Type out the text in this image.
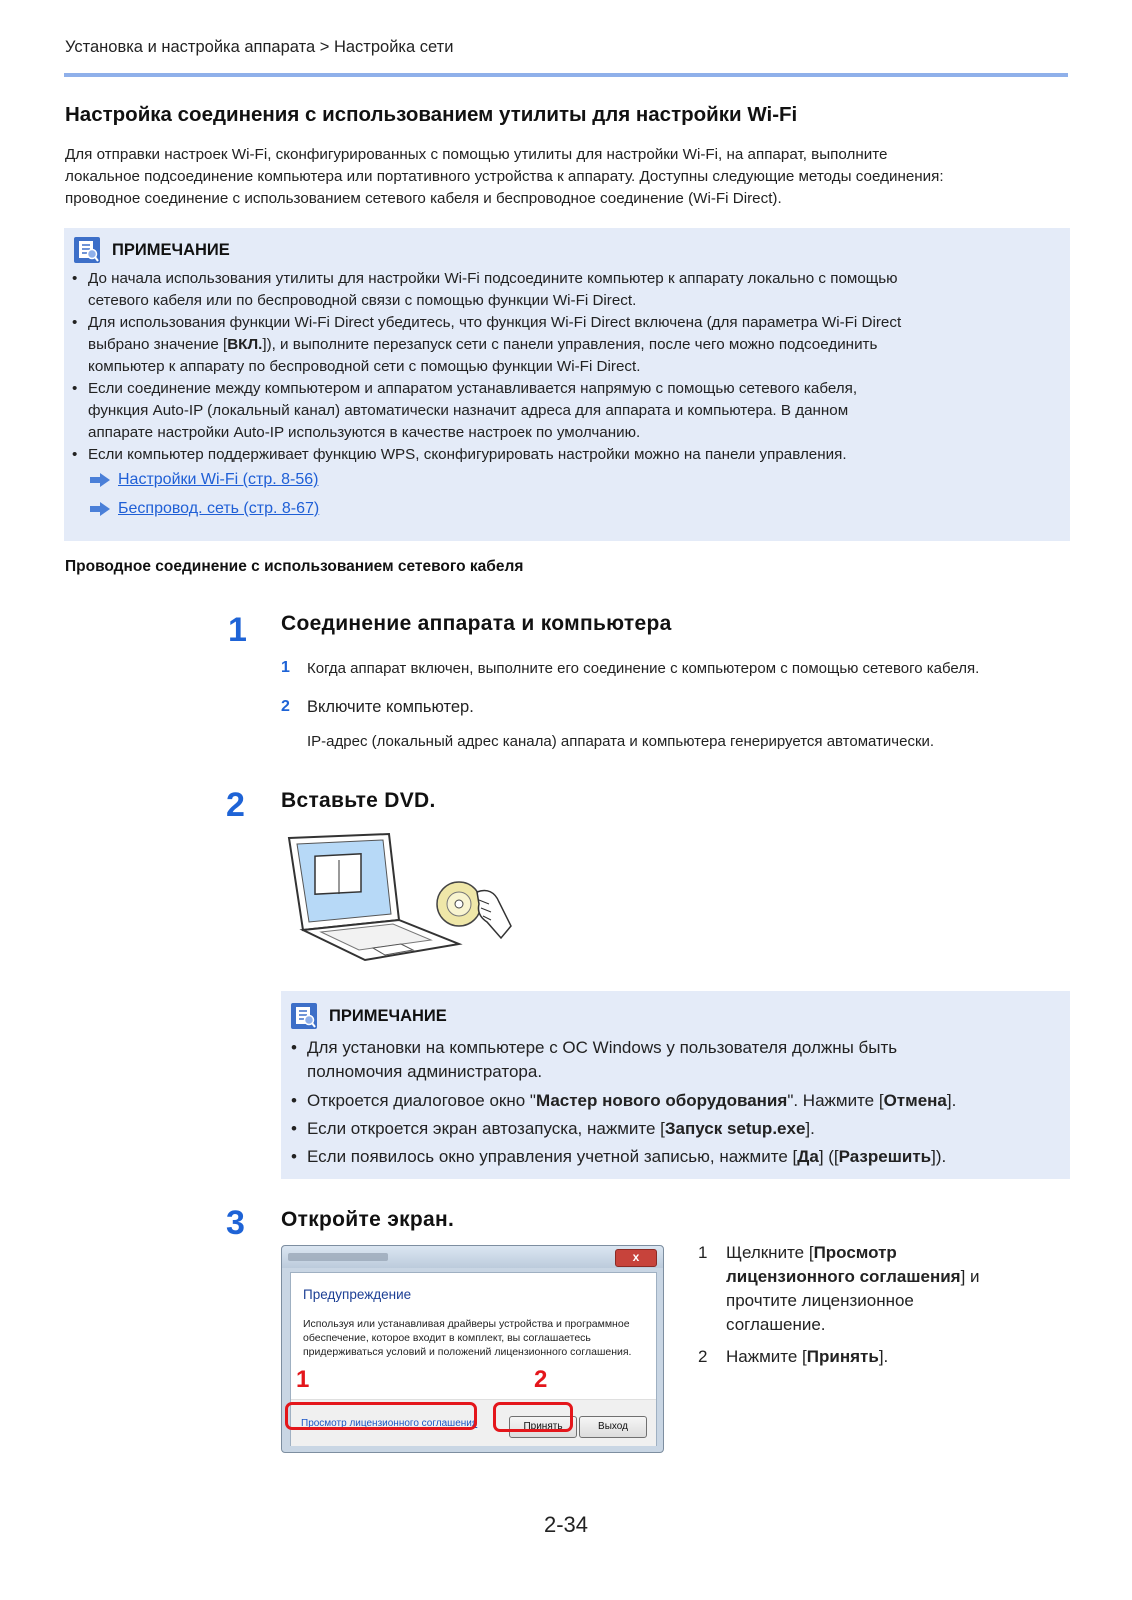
Установка и настройка аппарата > Настройка сети
Настройка соединения с использованием утилиты для настройки Wi-Fi
Для отправки настроек Wi-Fi, сконфигурированных с помощью утилиты для настройки Wi-Fi, на аппарат, выполните
локальное подсоединение компьютера или портативного устройства к аппарату. Доступны следующие методы соединения:
проводное соединение с использованием сетевого кабеля и беспроводное соединение (Wi-Fi Direct).
ПРИМЕЧАНИЕ
• До начала использования утилиты для настройки Wi-Fi подсоедините компьютер к аппарату локально с помощью
сетевого кабеля или по беспроводной связи с помощью функции Wi-Fi Direct.
• Для использования функции Wi-Fi Direct убедитесь, что функция Wi-Fi Direct включена (для параметра Wi-Fi Direct
выбрано значение [ВКЛ.]), и выполните перезапуск сети с панели управления, после чего можно подсоединить
компьютер к аппарату по беспроводной сети с помощью функции Wi-Fi Direct.
• Если соединение между компьютером и аппаратом устанавливается напрямую с помощью сетевого кабеля,
функция Auto-IP (локальный канал) автоматически назначит адреса для аппарата и компьютера. В данном
аппарате настройки Auto-IP используются в качестве настроек по умолчанию.
• Если компьютер поддерживает функцию WPS, сконфигурировать настройки можно на панели управления.
Настройки Wi-Fi (стр. 8-56)
Беспровод. сеть (стр. 8-67)
Проводное соединение с использованием сетевого кабеля
1 Соединение аппарата и компьютера
1 Когда аппарат включен, выполните его соединение с компьютером с помощью сетевого кабеля.
2 Включите компьютер.
IP-адрес (локальный адрес канала) аппарата и компьютера генерируется автоматически.
2 Вставьте DVD.
ПРИМЕЧАНИЕ
• Для установки на компьютере с ОС Windows у пользователя должны быть
полномочия администратора.
• Откроется диалоговое окно "Мастер нового оборудования". Нажмите [Отмена].
• Если откроется экран автозапуска, нажмите [Запуск setup.exe].
• Если появилось окно управления учетной записью, нажмите [Да] ([Разрешить]).
3 Откройте экран.
x
Предупреждение
Используя или устанавливая драйверы устройства и программное
обеспечение, которое входит в комплект, вы соглашаетесь
придерживаться условий и положений лицензионного соглашения.
Просмотр лицензионного соглашения	Принять	Выход
1	2
1	Щелкните [Просмотр
лицензионного соглашения] и
прочтите лицензионное
соглашение.
2	Нажмите [Принять].
2-34
